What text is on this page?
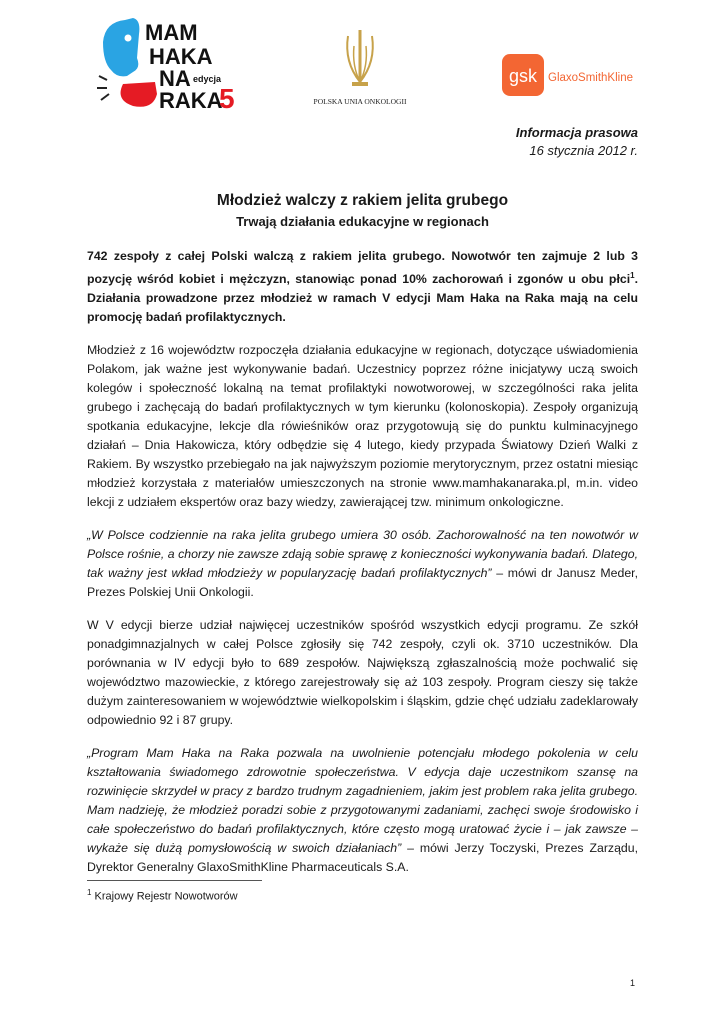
MAM
HAKA
NA edycja
RAKA
5	POLSKA UNIA ONKOLOGII
gsk GlaxoSmithKline
Informacja prasowa
16 stycznia 2012 r.
Młodzież walczy z rakiem jelita grubego
Trwają działania edukacyjne w regionach

742 zespoły z całej Polski walczą z rakiem jelita grubego. Nowotwór ten zajmuje 2 lub 3 pozycję wśród kobiet i mężczyzn, stanowiąc ponad 10% zachorowań i zgonów u obu płci$^1$. Działania prowadzone przez młodzież w ramach V edycji Mam Haka na Raka mają na celu promocję badań profilaktycznych.

Młodzież z 16 województw rozpoczęła działania edukacyjne w regionach, dotyczące uświadomienia Polakom, jak ważne jest wykonywanie badań. Uczestnicy poprzez różne inicjatywy uczą swoich kolegów i społeczność lokalną na temat profilaktyki nowotworowej, w szczególności raka jelita grubego i zachęcają do badań profilaktycznych w tym kierunku (kolonoskopia). Zespoły organizują spotkania edukacyjne, lekcje dla rówieśników oraz przygotowują się do punktu kulminacyjnego działań – Dnia Hakowicza, który odbędzie się 4 lutego, kiedy przypada Światowy Dzień Walki z Rakiem. By wszystko przebiegało na jak najwyższym poziomie merytorycznym, przez ostatni miesiąc młodzież korzystała z materiałów umieszczonych na stronie www.mamhakanaraka.pl, m.in. video lekcji z udziałem ekspertów oraz bazy wiedzy, zawierającej tzw. minimum onkologiczne.

„W Polsce codziennie na raka jelita grubego umiera 30 osób. Zachorowalność na ten nowotwór w Polsce rośnie, a chorzy nie zawsze zdają sobie sprawę z konieczności wykonywania badań. Dlatego, tak ważny jest wkład młodzieży w popularyzację badań profilaktycznych” – mówi dr Janusz Meder, Prezes Polskiej Unii Onkologii.

W V edycji bierze udział najwięcej uczestników spośród wszystkich edycji programu. Ze szkół ponadgimnazjalnych w całej Polsce zgłosiły się 742 zespoły, czyli ok. 3710 uczestników. Dla porównania w IV edycji było to 689 zespołów. Największą zgłaszalnością może pochwalić się województwo mazowieckie, z którego zarejestrowały się aż 103 zespoły. Program cieszy się także dużym zainteresowaniem w województwie wielkopolskim i śląskim, gdzie chęć udziału zadeklarowały odpowiednio 92 i 87 grupy.

„Program Mam Haka na Raka pozwala na uwolnienie potencjału młodego pokolenia w celu kształtowania świadomego zdrowotnie społeczeństwa. V edycja daje uczestnikom szansę na rozwinięcie skrzydeł w pracy z bardzo trudnym zagadnieniem, jakim jest problem raka jelita grubego. Mam nadzieję, że młodzież poradzi sobie z przygotowanymi zadaniami, zachęci swoje środowisko i całe społeczeństwo do badań profilaktycznych, które często mogą uratować życie i – jak zawsze – wykaże się dużą pomysłowością w swoich działaniach” – mówi Jerzy Toczyski, Prezes Zarządu, Dyrektor Generalny GlaxoSmithKline Pharmaceuticals S.A.

$^1$ Krajowy Rejestr Nowotworów
1
